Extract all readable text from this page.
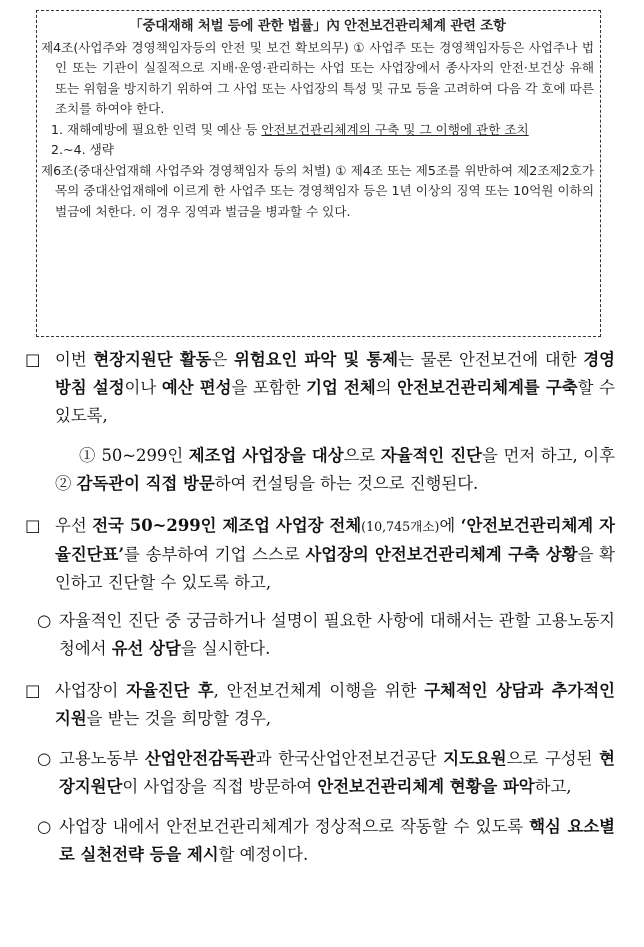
「중대재해 처벌 등에 관한 법률」內 안전보건관리체계 관련 조항

제4조(사업주와 경영책임자등의 안전 및 보건 확보의무) ① 사업주 또는 경영책임자등은 사업주나 법인 또는 기관이 실질적으로 지배·운영·관리하는 사업 또는 사업장에서 종사자의 안전·보건상 유해 또는 위험을 방지하기 위하여 그 사업 또는 사업장의 특성 및 규모 등을 고려하여 다음 각 호에 따른 조치를 하여야 한다.

1. 재해예방에 필요한 인력 및 예산 등 안전보건관리체계의 구축 및 그 이행에 관한 조치

2.~4. 생략

제6조(중대산업재해 사업주와 경영책임자 등의 처벌) ① 제4조 또는 제5조를 위반하여 제2조제2호가목의 중대산업재해에 이르게 한 사업주 또는 경영책임자 등은 1년 이상의 징역 또는 10억원 이하의 벌금에 처한다. 이 경우 징역과 벌금을 병과할 수 있다.

□ 이번 현장지원단 활동은 위험요인 파악 및 통제는 물론 안전보건에 대한 경영방침 설정이나 예산 편성을 포함한 기업 전체의 안전보건관리체계를 구축할 수 있도록,

① 50~299인 제조업 사업장을 대상으로 자율적인 진단을 먼저 하고, 이후 ② 감독관이 직접 방문하여 컨설팅을 하는 것으로 진행된다.

□ 우선 전국 50~299인 제조업 사업장 전체(10,745개소)에 ‘안전보건관리체계 자율진단표’를 송부하여 기업 스스로 사업장의 안전보건관리체계 구축 상황을 확인하고 진단할 수 있도록 하고,

○ 자율적인 진단 중 궁금하거나 설명이 필요한 사항에 대해서는 관할 고용노동지청에서 유선 상담을 실시한다.

□ 사업장이 자율진단 후, 안전보건체계 이행을 위한 구체적인 상담과 추가적인 지원을 받는 것을 희망할 경우,

○ 고용노동부 산업안전감독관과 한국산업안전보건공단 지도요원으로 구성된 현장지원단이 사업장을 직접 방문하여 안전보건관리체계 현황을 파악하고,

○ 사업장 내에서 안전보건관리체계가 정상적으로 작동할 수 있도록 핵심 요소별로 실천전략 등을 제시할 예정이다.
